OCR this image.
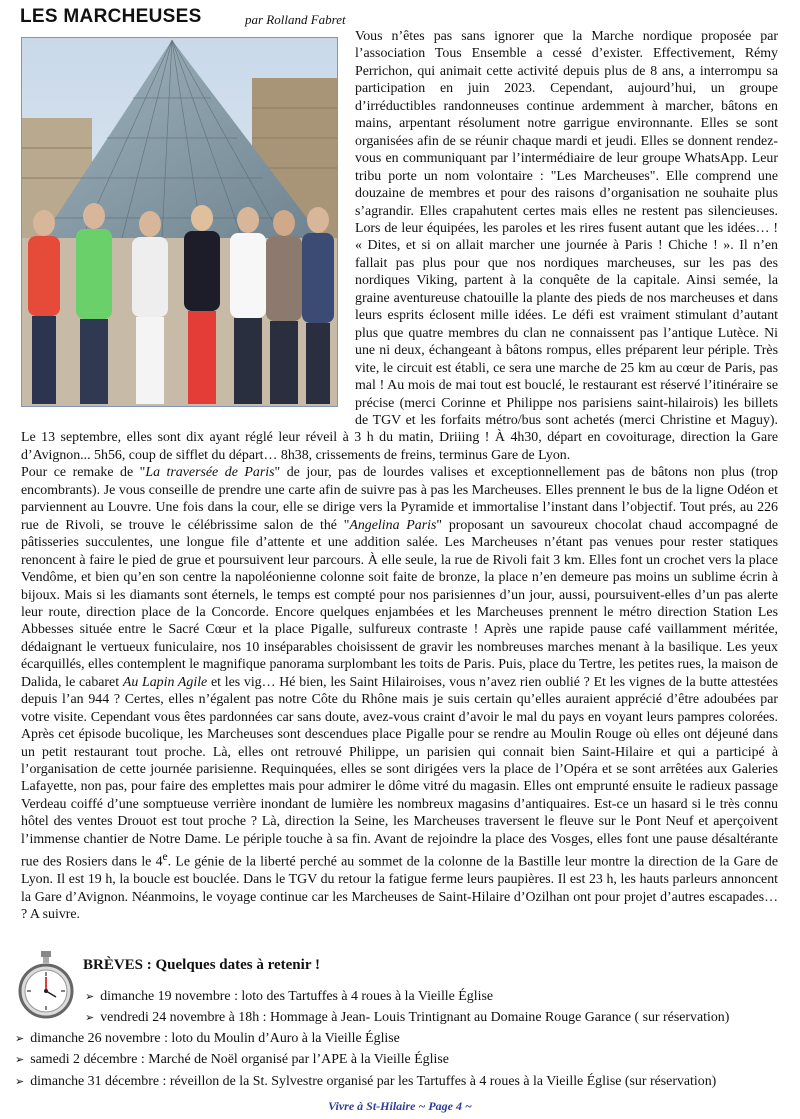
LES MARCHEUSES	par Rolland Fabret

Vous n’êtes pas sans ignorer que la Marche nordique proposée par l’association Tous Ensemble a cessé d’exister. Effectivement, Rémy Perrichon, qui animait cette activité depuis plus de 8 ans, a interrompu sa participation en juin 2023. Cependant, aujourd’hui, un groupe d’irréductibles randonneuses continue ardemment à marcher, bâtons en mains, arpentant résolument notre garrigue environnante. Elles se sont organisées afin de se réunir chaque mardi et jeudi. Elles se donnent rendez-vous en communiquant par l’intermédiaire de leur groupe WhatsApp. Leur tribu porte un nom volontaire : "Les Marcheuses". Elle comprend une douzaine de membres et pour des raisons d’organisation ne souhaite plus s’agrandir. Elles crapahutent certes mais elles ne restent pas silencieuses. Lors de leur équipées, les paroles et les rires fusent autant que les idées… ! « Dites, et si on allait marcher une journée à Paris ! Chiche ! ». Il n’en fallait pas plus pour que nos nordiques marcheuses, sur les pas des nordiques Viking, partent à la conquête de la capitale. Ainsi semée, la graine aventureuse chatouille la plante des pieds de nos marcheuses et dans leurs esprits éclosent mille idées. Le défi est vraiment stimulant d’autant plus que quatre membres du clan ne connaissent pas l’antique Lutèce. Ni une ni deux, échangeant à bâtons rompus, elles préparent leur périple. Très vite, le circuit est établi, ce sera une marche de 25 km au cœur de Paris, pas mal ! Au mois de mai tout est bouclé, le restaurant est réservé l’itinéraire se précise (merci Corinne et Philippe nos parisiens saint-hilairois) les billets de TGV et les forfaits métro/bus sont achetés (merci Christine et Maguy). Le 13 septembre, elles sont dix ayant réglé leur réveil à 3 h du matin, Driiing ! À 4h30, départ en covoiturage, direction la Gare d’Avignon... 5h56, coup de sifflet du départ… 8h38, crissements de freins, terminus Gare de Lyon.

Pour ce remake de "La traversée de Paris" de jour, pas de lourdes valises et exceptionnellement pas de bâtons non plus (trop encombrants). Je vous conseille de prendre une carte afin de suivre pas à pas les Marcheuses. Elles prennent le bus de la ligne Odéon et parviennent au Louvre. Une fois dans la cour, elle se dirige vers la Pyramide et immortalise l’instant dans l’objectif. Tout prés, au 226 rue de Rivoli, se trouve le célébrissime salon de thé "Angelina Paris" proposant un savoureux chocolat chaud accompagné de pâtisseries succulentes, une longue file d’attente et une addition salée. Les Marcheuses n’étant pas venues pour rester statiques renoncent à faire le pied de grue et poursuivent leur parcours. À elle seule, la rue de Rivoli fait 3 km. Elles font un crochet vers la place Vendôme, et bien qu’en son centre la napoléonienne colonne soit faite de bronze, la place n’en demeure pas moins un sublime écrin à bijoux. Mais si les diamants sont éternels, le temps est compté pour nos parisiennes d’un jour, aussi, poursuivent-elles d’un pas alerte leur route, direction place de la Concorde. Encore quelques enjambées et les Marcheuses prennent le métro direction Station Les Abbesses située entre le Sacré Cœur et la place Pigalle, sulfureux contraste ! Après une rapide pause café vaillamment méritée, dédaignant le vertueux funiculaire, nos 10 inséparables choisissent de gravir les nombreuses marches menant à la basilique. Les yeux écarquillés, elles contemplent le magnifique panorama surplombant les toits de Paris. Puis, place du Tertre, les petites rues, la maison de Dalida, le cabaret Au Lapin Agile et les vig… Hé bien, les Saint Hilairoises, vous n’avez rien oublié ? Et les vignes de la butte attestées depuis l’an 944 ? Certes, elles n’égalent pas notre Côte du Rhône mais je suis certain qu’elles auraient apprécié d’être adoubées par votre visite. Cependant vous êtes pardonnées car sans doute, avez-vous craint d’avoir le mal du pays en voyant leurs pampres colorées. Après cet épisode bucolique, les Marcheuses sont descendues place Pigalle pour se rendre au Moulin Rouge où elles ont déjeuné dans un petit restaurant tout proche. Là, elles ont retrouvé Philippe, un parisien qui connait bien Saint-Hilaire et qui a participé à l’organisation de cette journée parisienne. Requinquées, elles se sont dirigées vers la place de l’Opéra et se sont arrêtées aux Galeries Lafayette, non pas, pour faire des emplettes mais pour admirer le dôme vitré du magasin. Elles ont emprunté ensuite le radieux passage Verdeau coiffé d’une somptueuse verrière inondant de lumière les nombreux magasins d’antiquaires. Est-ce un hasard si le très connu hôtel des ventes Drouot est tout proche ? Là, direction la Seine, les Marcheuses traversent le fleuve sur le Pont Neuf et aperçoivent l’immense chantier de Notre Dame. Le périple touche à sa fin. Avant de rejoindre la place des Vosges, elles font une pause désaltérante rue des Rosiers dans le 4e. Le génie de la liberté perché au sommet de la colonne de la Bastille leur montre la direction de la Gare de Lyon. Il est 19 h, la boucle est bouclée. Dans le TGV du retour la fatigue ferme leurs paupières. Il est 23 h, les hauts parleurs annoncent la Gare d’Avignon. Néanmoins, le voyage continue car les Marcheuses de Saint-Hilaire d’Ozilhan ont pour projet d’autres escapades… ? A suivre.

BRÈVES : Quelques dates à retenir !
➢ dimanche 19 novembre : loto des Tartuffes à 4 roues à la Vieille Église
➢ vendredi 24 novembre à 18h : Hommage à Jean- Louis Trintignant au Domaine Rouge Garance ( sur réservation)
➢ dimanche 26 novembre : loto du Moulin d’Auro à la Vieille Église
➢ samedi 2 décembre : Marché de Noël organisé par l’APE à la Vieille Église
➢ dimanche 31 décembre : réveillon de la St. Sylvestre organisé par les Tartuffes à 4 roues à la Vieille Église (sur réservation)
Vivre à St-Hilaire ~ Page 4 ~
